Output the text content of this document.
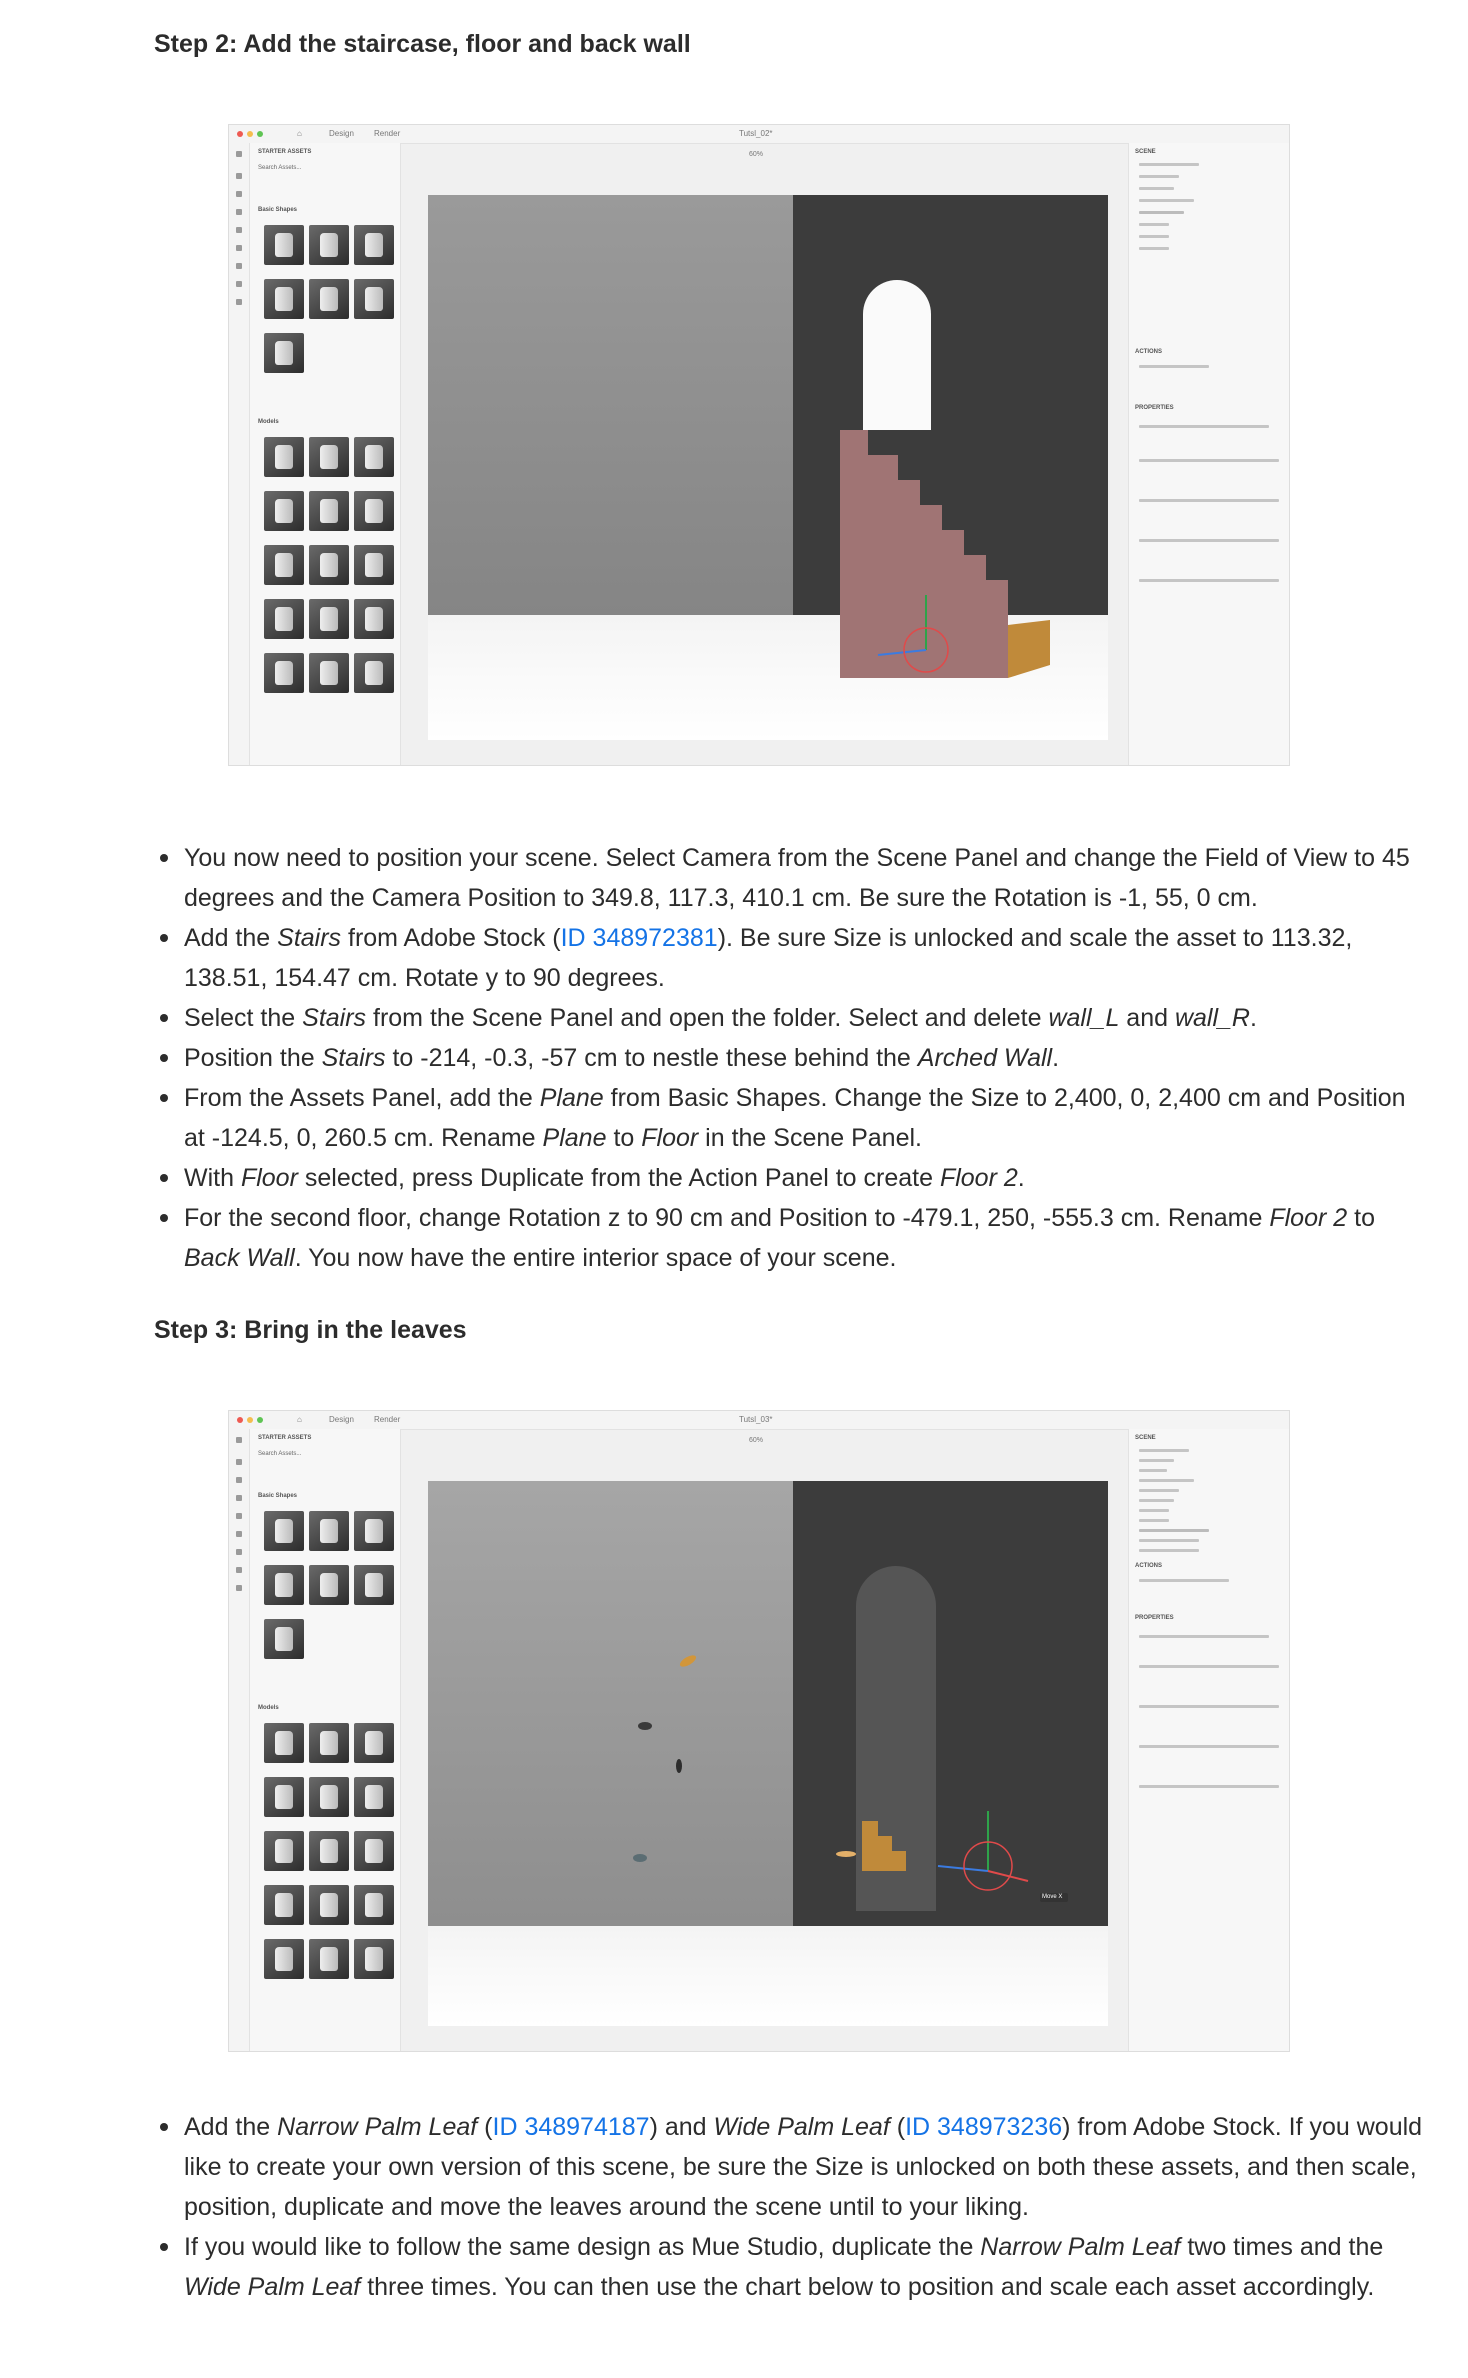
Step 2: Add the staircase, floor and back wall
⌂	Design	Render	Tutsl_02*
STARTER ASSETS
Search Assets...
Basic Shapes
Models
60%	SCENE
ACTIONS
PROPERTIES
You now need to position your scene. Select Camera from the Scene Panel and change the Field of View to 45 degrees and the Camera Position to 349.8, 117.3, 410.1 cm. Be sure the Rotation is -1, 55, 0 cm.
Add the Stairs from Adobe Stock (ID 348972381). Be sure Size is unlocked and scale the asset to 113.32, 138.51, 154.47 cm. Rotate y to 90 degrees.
Select the Stairs from the Scene Panel and open the folder. Select and delete wall_L and wall_R.
Position the Stairs to -214, -0.3, -57 cm to nestle these behind the Arched Wall.
From the Assets Panel, add the Plane from Basic Shapes. Change the Size to 2,400, 0, 2,400 cm and Position at -124.5, 0, 260.5 cm. Rename Plane to Floor in the Scene Panel.
With Floor selected, press Duplicate from the Action Panel to create Floor 2.
For the second floor, change Rotation z to 90 cm and Position to -479.1, 250, -555.3 cm. Rename Floor 2 to Back Wall. You now have the entire interior space of your scene.
Step 3: Bring in the leaves
⌂	Design	Render	Tutsl_03*
STARTER ASSETS
Search Assets...
Basic Shapes
Models
60%
Move X
SCENE
ACTIONS
PROPERTIES
Add the Narrow Palm Leaf (ID 348974187) and Wide Palm Leaf (ID 348973236) from Adobe Stock. If you would like to create your own version of this scene, be sure the Size is unlocked on both these assets, and then scale, position, duplicate and move the leaves around the scene until to your liking.
If you would like to follow the same design as Mue Studio, duplicate the Narrow Palm Leaf two times and the Wide Palm Leaf three times. You can then use the chart below to position and scale each asset accordingly.
